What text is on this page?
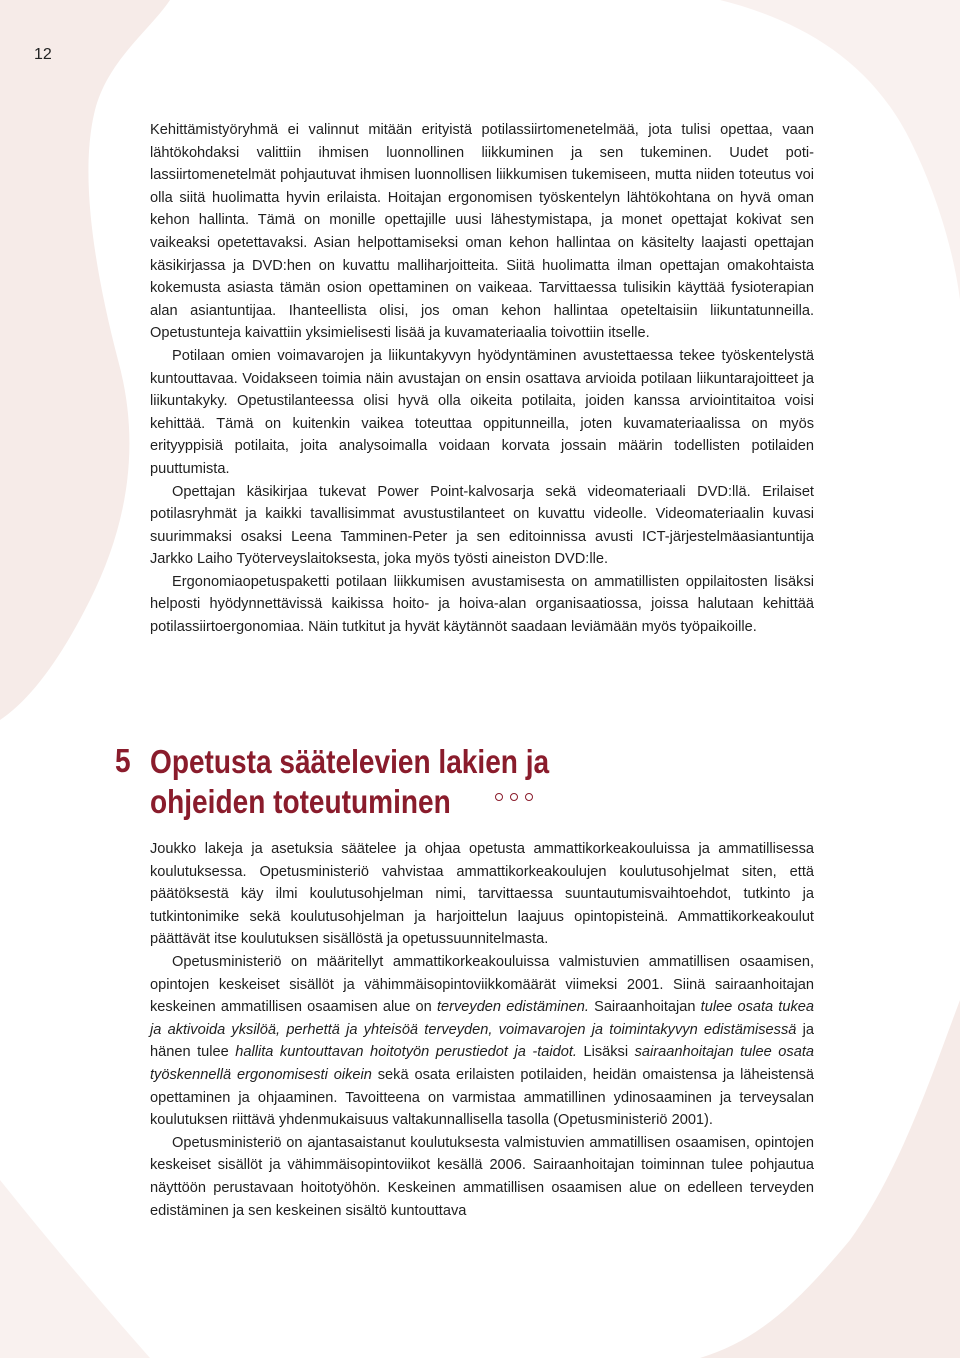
12

Kehittämistyöryhmä ei valinnut mitään erityistä potilassiirtomenetelmää, jota tulisi opettaa, vaan lähtökohdaksi valittiin ihmisen luonnollinen liikkuminen ja sen tukeminen. Uudet potilassiirtomenetelmät pohjautuvat ihmisen luonnollisen liikkumisen tukemiseen, mutta niiden toteutus voi olla siitä huolimatta hyvin erilaista. Hoitajan ergonomisen työskentelyn lähtökohtana on hyvä oman kehon hallinta. Tämä on monille opettajille uusi lähestymistapa, ja monet opettajat kokivat sen vaikeaksi opetettavaksi. Asian helpottamiseksi oman kehon hallintaa on käsitelty laajasti opettajan käsikirjassa ja DVD:hen on kuvattu malliharjoitteita. Siitä huolimatta ilman opettajan omakohtaista kokemusta asiasta tämän osion opettaminen on vaikeaa. Tarvittaessa tulisikin käyttää fysioterapian alan asiantuntijaa. Ihanteellista olisi, jos oman kehon hallintaa opeteltaisiin liikuntatunneilla. Opetustunteja kaivattiin yksimielisesti lisää ja kuvamateriaalia toivottiin itselle.

Potilaan omien voimavarojen ja liikuntakyvyn hyödyntäminen avustettaessa tekee työskentelystä kuntouttavaa. Voidakseen toimia näin avustajan on ensin osattava arvioida potilaan liikuntarajoitteet ja liikuntakyky. Opetustilanteessa olisi hyvä olla oikeita potilaita, joiden kanssa arviointitaitoa voisi kehittää. Tämä on kuitenkin vaikea toteuttaa oppitunneilla, joten kuvamateriaalissa on myös erityyppisiä potilaita, joita analysoimalla voidaan korvata jossain määrin todellisten potilaiden puuttumista.

Opettajan käsikirjaa tukevat Power Point-kalvosarja sekä videomateriaali DVD:llä. Erilaiset potilasryhmät ja kaikki tavallisimmat avustustilanteet on kuvattu videolle. Videomateriaalin kuvasi suurimmaksi osaksi Leena Tamminen-Peter ja sen editoinnissa avusti ICT-järjestelmäasiantuntija Jarkko Laiho Työterveyslaitoksesta, joka myös työsti aineiston DVD:lle.

Ergonomiaopetuspaketti potilaan liikkumisen avustamisesta on ammatillisten oppilaitosten lisäksi helposti hyödynnettävissä kaikissa hoito- ja hoiva-alan organisaatiossa, joissa halutaan kehittää potilassiirtoergonomiaa. Näin tutkitut ja hyvät käytännöt saadaan leviämään myös työpaikoille.

5 Opetusta säätelevien lakien ja
ohjeiden toteutuminen

Joukko lakeja ja asetuksia säätelee ja ohjaa opetusta ammattikorkeakouluissa ja ammatillisessa koulutuksessa. Opetusministeriö vahvistaa ammattikorkeakoulujen koulutusohjelmat siten, että päätöksestä käy ilmi koulutusohjelman nimi, tarvittaessa suuntautumisvaihtoehdot, tutkinto ja tutkintonimike sekä koulutusohjelman ja harjoittelun laajuus opintopisteinä. Ammattikorkeakoulut päättävät itse koulutuksen sisällöstä ja opetussuunnitelmasta.

Opetusministeriö on määritellyt ammattikorkeakouluissa valmistuvien ammatillisen osaamisen, opintojen keskeiset sisällöt ja vähimmäisopintoviikkomäärät viimeksi 2001. Siinä sairaanhoitajan keskeinen ammatillisen osaamisen alue on terveyden edistäminen. Sairaanhoitajan tulee osata tukea ja aktivoida yksilöä, perhettä ja yhteisöä terveyden, voimavarojen ja toimintakyvyn edistämisessä ja hänen tulee hallita kuntouttavan hoitotyön perustiedot ja -taidot. Lisäksi sairaanhoitajan tulee osata työskennellä ergonomisesti oikein sekä osata erilaisten potilaiden, heidän omaistensa ja läheistensä opettaminen ja ohjaaminen. Tavoitteena on varmistaa ammatillinen ydinosaaminen ja terveysalan koulutuksen riittävä yhdenmukaisuus valtakunnallisella tasolla (Opetusministeriö 2001).

Opetusministeriö on ajantasaistanut koulutuksesta valmistuvien ammatillisen osaamisen, opintojen keskeiset sisällöt ja vähimmäisopintoviikot kesällä 2006. Sairaanhoitajan toiminnan tulee pohjautua näyttöön perustavaan hoitotyöhön. Keskeinen ammatillisen osaamisen alue on edelleen terveyden edistäminen ja sen keskeinen sisältö kuntouttava
